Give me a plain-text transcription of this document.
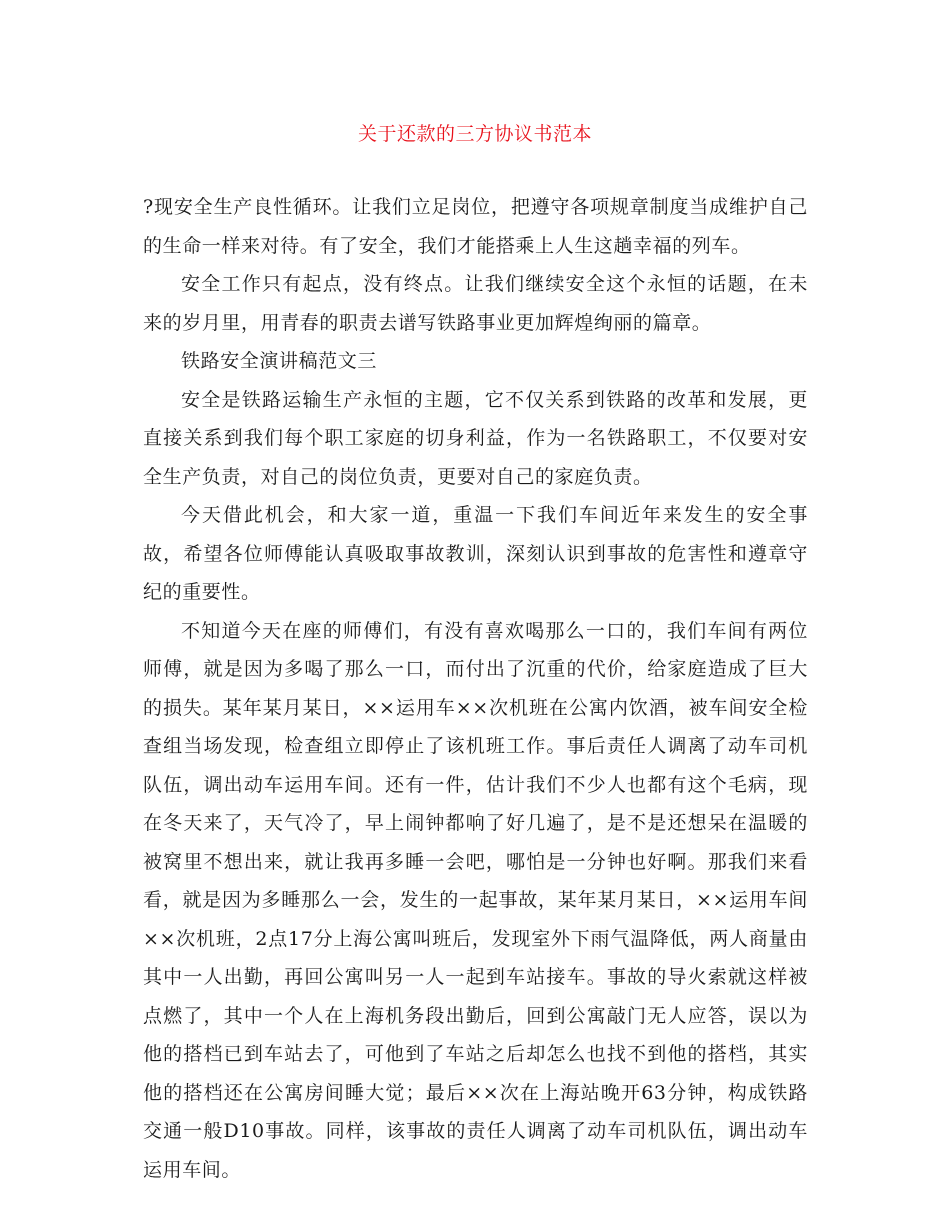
关于还款的三方协议书范本

?现安全生产良性循环。让我们立足岗位，把遵守各项规章制度当成维护自己的生命一样来对待。有了安全，我们才能搭乘上人生这趟幸福的列车。

安全工作只有起点，没有终点。让我们继续安全这个永恒的话题，在未来的岁月里，用青春的职责去谱写铁路事业更加辉煌绚丽的篇章。

铁路安全演讲稿范文三

安全是铁路运输生产永恒的主题，它不仅关系到铁路的改革和发展，更直接关系到我们每个职工家庭的切身利益，作为一名铁路职工，不仅要对安全生产负责，对自己的岗位负责，更要对自己的家庭负责。

今天借此机会，和大家一道，重温一下我们车间近年来发生的安全事故，希望各位师傅能认真吸取事故教训，深刻认识到事故的危害性和遵章守纪的重要性。

不知道今天在座的师傅们，有没有喜欢喝那么一口的，我们车间有两位师傅，就是因为多喝了那么一口，而付出了沉重的代价，给家庭造成了巨大的损失。某年某月某日，××运用车××次机班在公寓内饮酒，被车间安全检查组当场发现，检查组立即停止了该机班工作。事后责任人调离了动车司机队伍，调出动车运用车间。还有一件，估计我们不少人也都有这个毛病，现在冬天来了，天气冷了，早上闹钟都响了好几遍了，是不是还想呆在温暖的被窝里不想出来，就让我再多睡一会吧，哪怕是一分钟也好啊。那我们来看看，就是因为多睡那么一会，发生的一起事故，某年某月某日，××运用车间××次机班，2点17分上海公寓叫班后，发现室外下雨气温降低，两人商量由其中一人出勤，再回公寓叫另一人一起到车站接车。事故的导火索就这样被点燃了，其中一个人在上海机务段出勤后，回到公寓敲门无人应答，误以为他的搭档已到车站去了，可他到了车站之后却怎么也找不到他的搭档，其实他的搭档还在公寓房间睡大觉；最后××次在上海站晚开63分钟，构成铁路交通一般D10事故。同样，该事故的责任人调离了动车司机队伍，调出动车运用车间。
